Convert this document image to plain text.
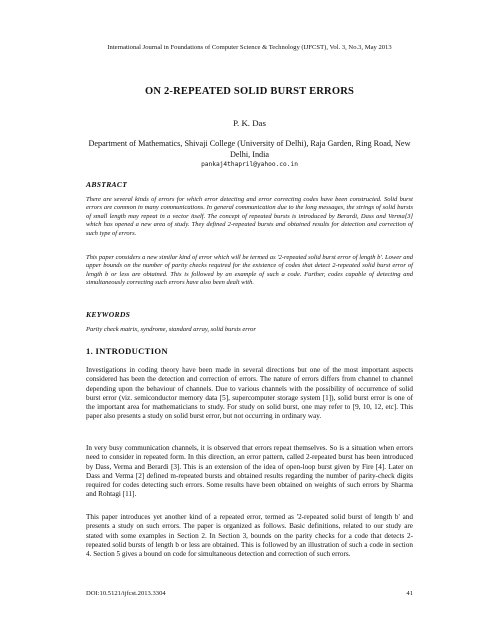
International Journal in Foundations of Computer Science & Technology (IJFCST), Vol. 3, No.3, May 2013
ON 2-REPEATED SOLID BURST ERRORS
P. K. Das
Department of Mathematics, Shivaji College (University of Delhi), Raja Garden, Ring Road, New Delhi, India
pankaj4thapril@yahoo.co.in
ABSTRACT

There are several kinds of errors for which error detecting and error correcting codes have been constructed. Solid burst errors are common in many communications. In general communication due to the long messages, the strings of solid bursts of small length may repeat in a vector itself. The concept of repeated bursts is introduced by Berardi, Dass and Verma[3] which has opened a new area of study. They defined 2-repeated bursts and obtained results for detection and correction of such type of errors.

This paper considers a new similar kind of error which will be termed as '2-repeated solid burst error of length b'. Lower and upper bounds on the number of parity checks required for the existence of codes that detect 2-repeated solid burst error of length b or less are obtained. This is followed by an example of such a code. Further, codes capable of detecting and simultaneously correcting such errors have also been dealt with.

KEYWORDS

Parity check matrix, syndrome, standard array, solid bursts error

1. INTRODUCTION

Investigations in coding theory have been made in several directions but one of the most important aspects considered has been the detection and correction of errors. The nature of errors differs from channel to channel depending upon the behaviour of channels. Due to various channels with the possibility of occurrence of solid burst error (viz. semiconductor memory data [5], supercomputer storage system [1]), solid burst error is one of the important area for mathematicians to study. For study on solid burst, one may refer to [9, 10, 12, etc]. This paper also presents a study on solid burst error, but not occurring in ordinary way.

In very busy communication channels, it is observed that errors repeat themselves. So is a situation when errors need to consider in repeated form. In this direction, an error pattern, called 2-repeated burst has been introduced by Dass, Verma and Berardi [3]. This is an extension of the idea of open-loop burst given by Fire [4]. Later on Dass and Verma [2] defined m-repeated bursts and obtained results regarding the number of parity-check digits required for codes detecting such errors. Some results have been obtained on weights of such errors by Sharma and Rohtagi [11].

This paper introduces yet another kind of a repeated error, termed as '2-repeated solid burst of length b' and presents a study on such errors. The paper is organized as follows. Basic definitions, related to our study are stated with some examples in Section 2. In Section 3, bounds on the parity checks for a code that detects 2-repeated solid bursts of length b or less are obtained. This is followed by an illustration of such a code in section 4. Section 5 gives a bound on code for simultaneous detection and correction of such errors.

DOI:10.5121/ijfcst.2013.3304	41
